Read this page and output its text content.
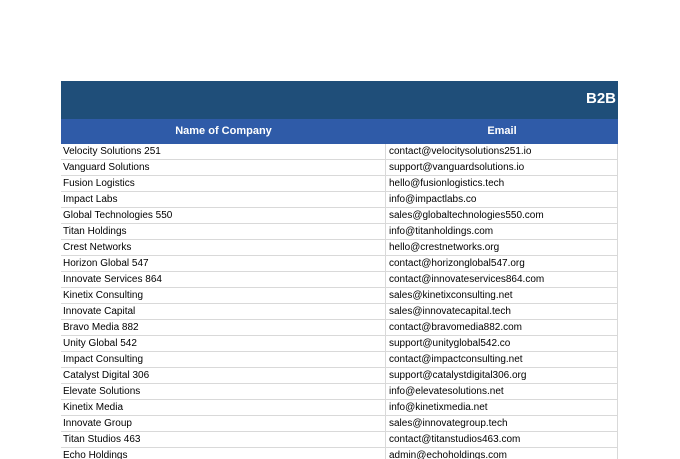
B2B
Name of Company	Email
Velocity Solutions 251	contact@velocitysolutions251.io
Vanguard Solutions	support@vanguardsolutions.io
Fusion Logistics	hello@fusionlogistics.tech
Impact Labs	info@impactlabs.co
Global Technologies 550	sales@globaltechnologies550.com
Titan Holdings	info@titanholdings.com
Crest Networks	hello@crestnetworks.org
Horizon Global 547	contact@horizonglobal547.org
Innovate Services 864	contact@innovateservices864.com
Kinetix Consulting	sales@kinetixconsulting.net
Innovate Capital	sales@innovatecapital.tech
Bravo Media 882	contact@bravomedia882.com
Unity Global 542	support@unityglobal542.co
Impact Consulting	contact@impactconsulting.net
Catalyst Digital 306	support@catalystdigital306.org
Elevate Solutions	info@elevatesolutions.net
Kinetix Media	info@kinetixmedia.net
Innovate Group	sales@innovategroup.tech
Titan Studios 463	contact@titanstudios463.com
Echo Holdings	admin@echoholdings.com
